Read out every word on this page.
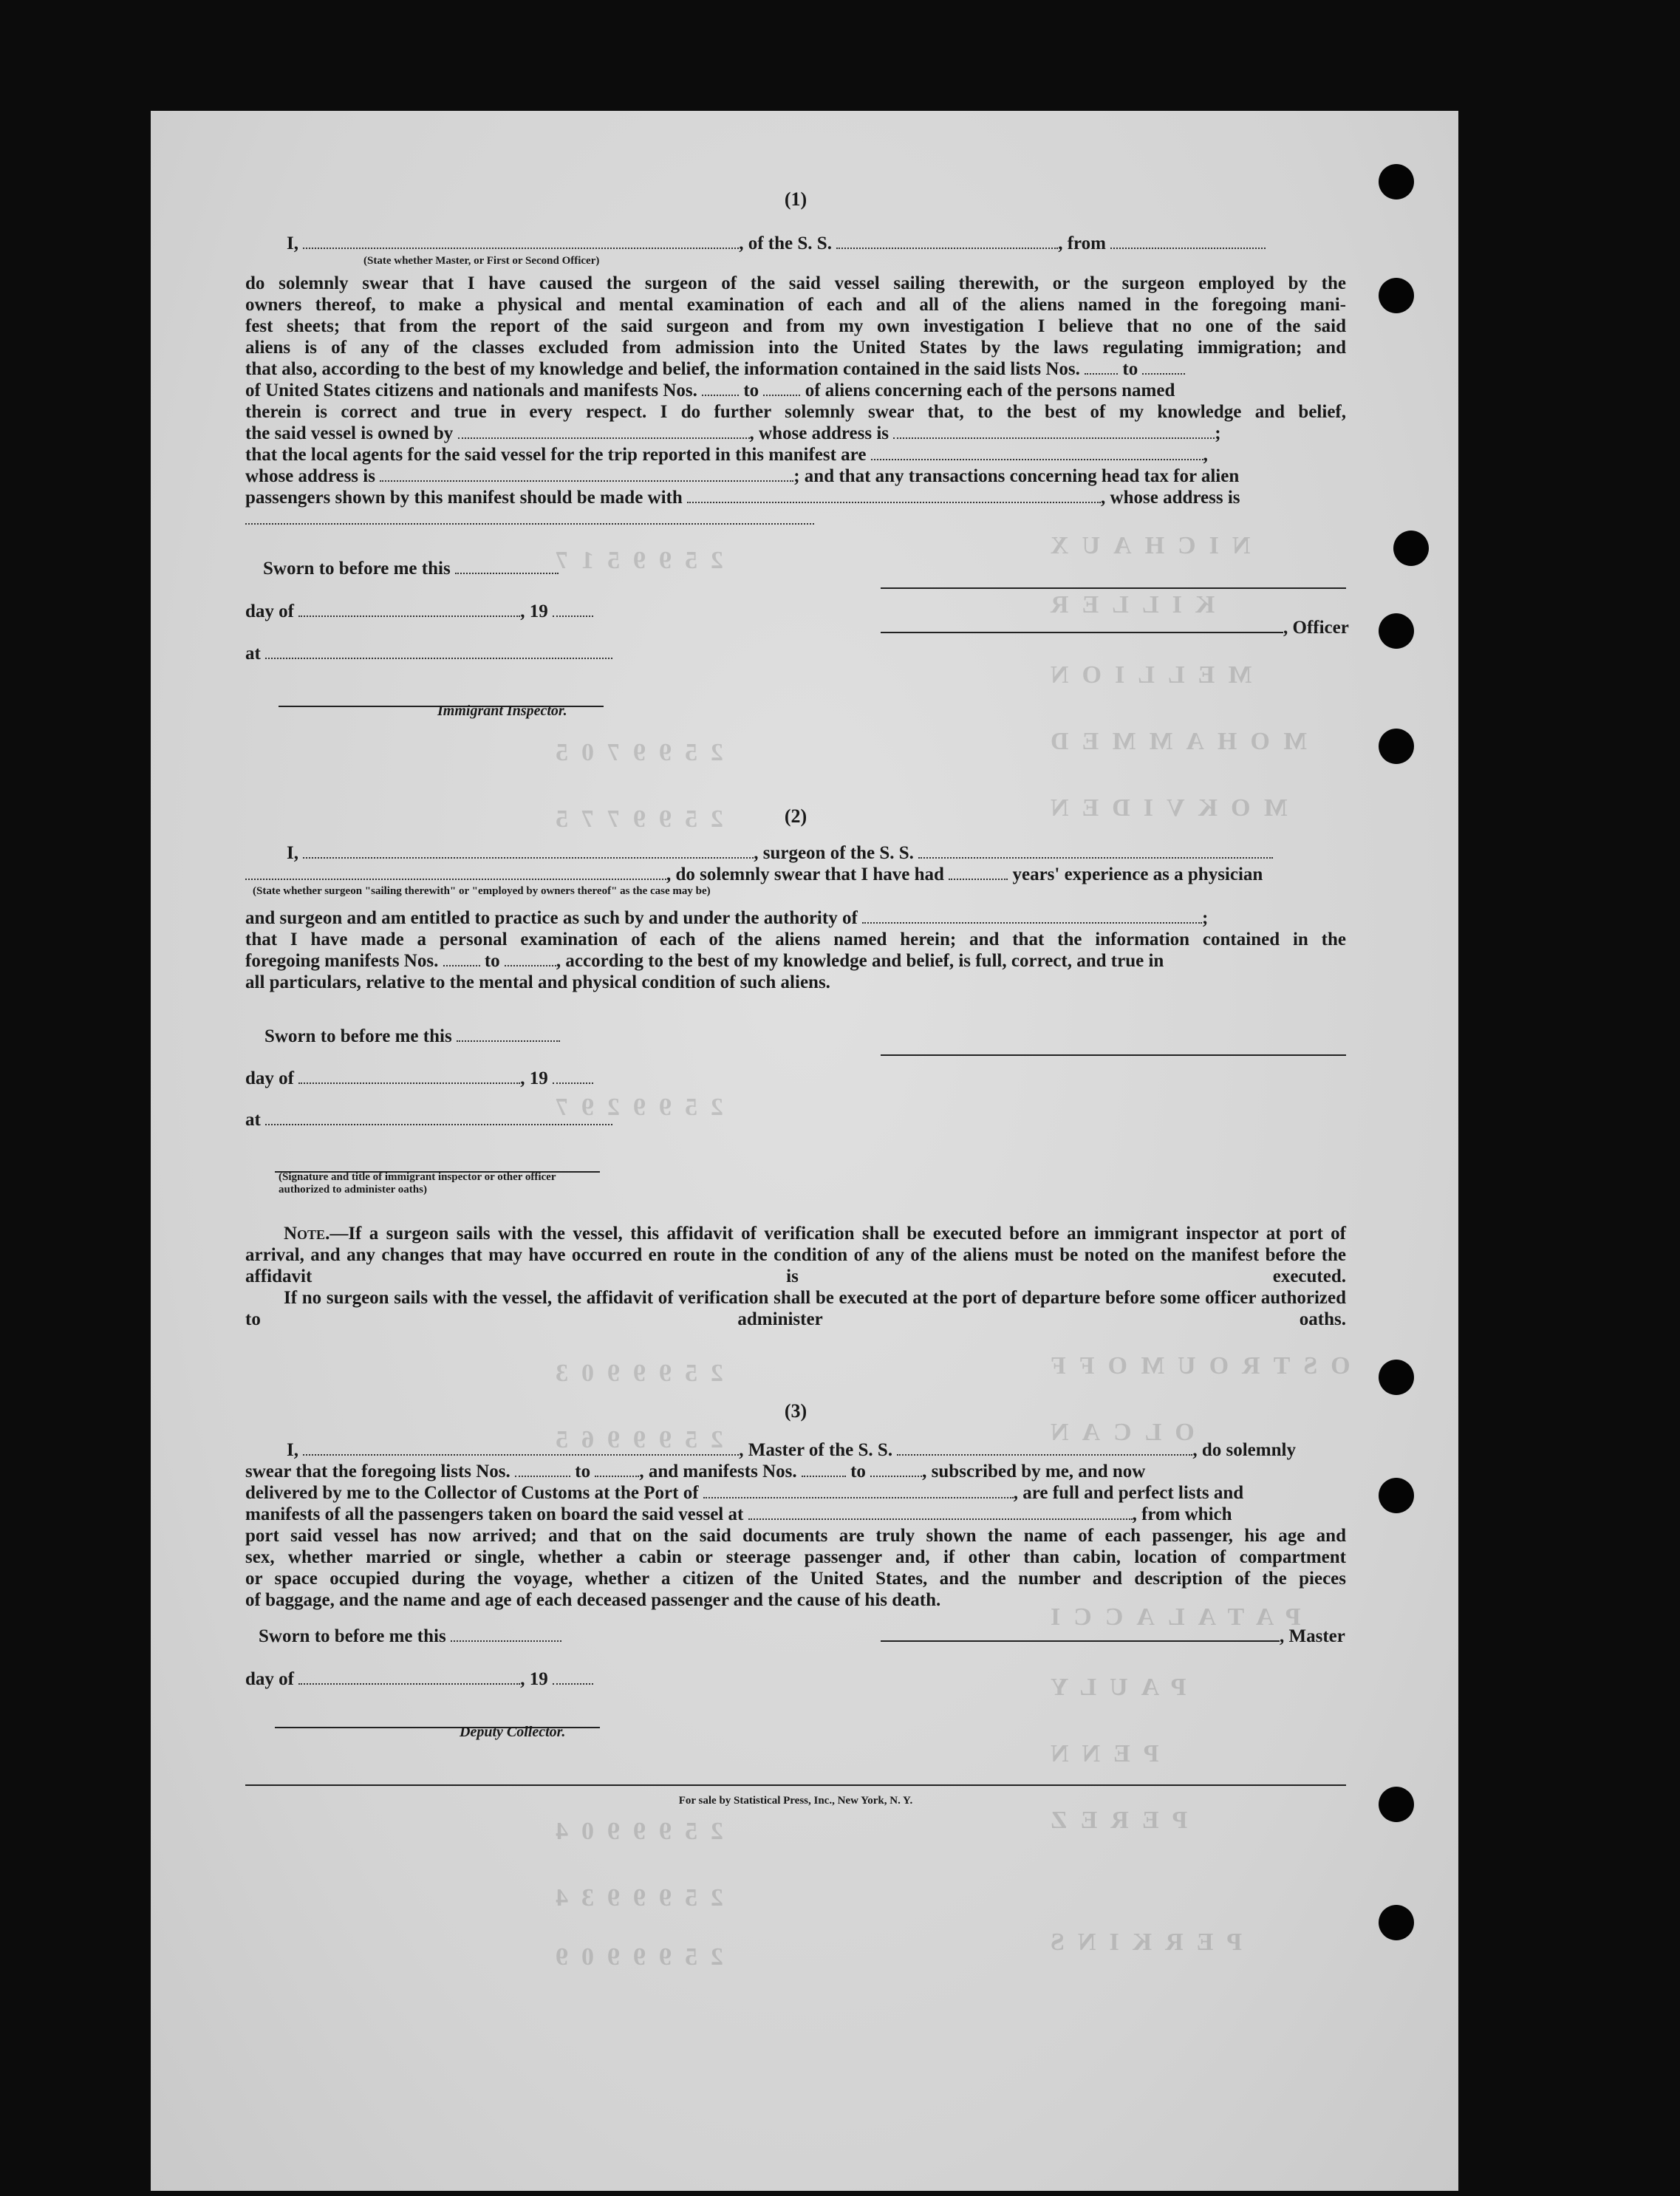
NICHAUX
KILLER
MELLION
MOHAMMED
MOKVIDEN
OSTROUMOFF
OLCAN
PATALACCI
PAULY
PENN
PEREZ
PERKINS
2599517
2599705
2599775
2599297
2599903
2599965
2599904
2599934
2599909
(1)
I,	, of the S. S.	, from
(State whether Master, or First or Second Officer)
do solemnly swear that I have caused the surgeon of the said vessel sailing therewith, or the surgeon employed by the
owners thereof, to make a physical and mental examination of each and all of the aliens named in the foregoing mani-
fest sheets; that from the report of the said surgeon and from my own investigation I believe that no one of the said
aliens is of any of the classes excluded from admission into the United States by the laws regulating immigration; and
that also, according to the best of my knowledge and belief, the information contained in the said lists Nos. to
of United States citizens and nationals and manifests Nos.	to	of aliens concerning each of the persons named
therein is correct and true in every respect. I do further solemnly swear that, to the best of my knowledge and belief,
the said vessel is owned by	, whose address is	;
that the local agents for the said vessel for the trip reported in this manifest are	,
whose address is	; and that any transactions concerning head tax for alien
passengers shown by this manifest should be made with	, whose address is
Sworn to before me this
day of	, 19
, Officer
at
Immigrant Inspector.
(2)
I,	, surgeon of the S. S.
, do solemnly swear that I have had	years' experience as a physician
(State whether surgeon "sailing therewith" or "employed by owners thereof" as the case may be)
and surgeon and am entitled to practice as such by and under the authority of	;
that I have made a personal examination of each of the aliens named herein; and that the information contained in the
foregoing manifests Nos.	to	, according to the best of my knowledge and belief, is full, correct, and true in
all particulars, relative to the mental and physical condition of such aliens.
Sworn to before me this
day of	, 19
at
(Signature and title of immigrant inspector or other officer authorized to administer oaths)
Note.—If a surgeon sails with the vessel, this affidavit of verification shall be executed before an immigrant inspector at port of arrival, and any changes that may have occurred en route in the condition of any of the aliens must be noted on the manifest before the affidavit is executed.
If no surgeon sails with the vessel, the affidavit of verification shall be executed at the port of departure before some officer authorized to administer oaths.
(3)
I,	, Master of the S. S.	, do solemnly
swear that the foregoing lists Nos.	to	, and manifests Nos.	to	, subscribed by me, and now
delivered by me to the Collector of Customs at the Port of	, are full and perfect lists and
manifests of all the passengers taken on board the said vessel at	, from which
port said vessel has now arrived; and that on the said documents are truly shown the name of each passenger, his age and
sex, whether married or single, whether a cabin or steerage passenger and, if other than cabin, location of compartment
or space occupied during the voyage, whether a citizen of the United States, and the number and description of the pieces
of baggage, and the name and age of each deceased passenger and the cause of his death.
Sworn to before me this	, Master
day of	, 19
Deputy Collector.
For sale by Statistical Press, Inc., New York, N. Y.
